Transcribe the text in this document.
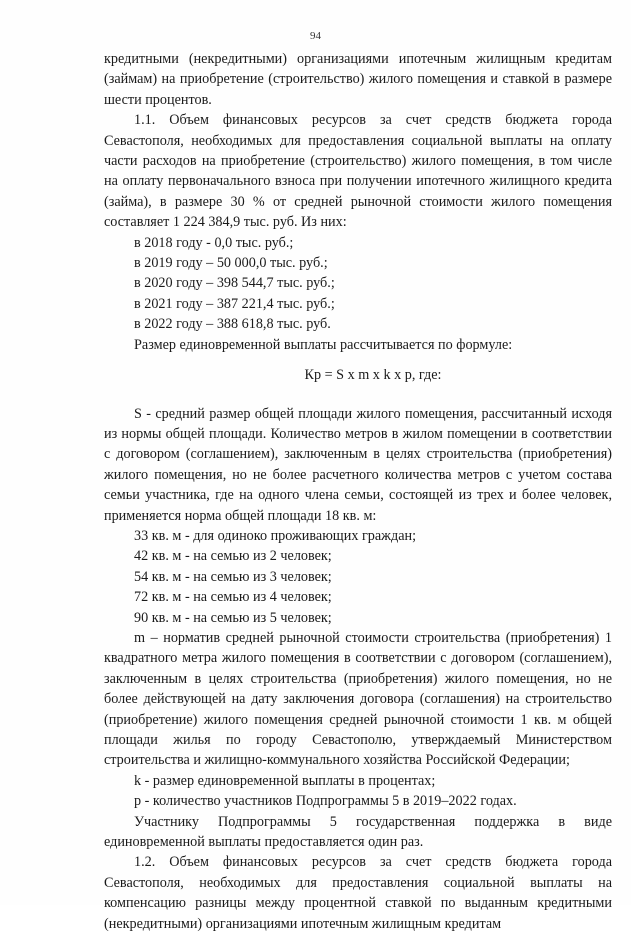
94

кредитными (некредитными) организациями ипотечным жилищным кредитам (займам) на приобретение (строительство) жилого помещения и ставкой в размере шести процентов.

1.1. Объем финансовых ресурсов за счет средств бюджета города Севастополя, необходимых для предоставления социальной выплаты на оплату части расходов на приобретение (строительство) жилого помещения, в том числе на оплату первоначального взноса при получении ипотечного жилищного кредита (займа), в размере 30 % от средней рыночной стоимости жилого помещения составляет 1 224 384,9 тыс. руб. Из них:

в 2018 году - 0,0 тыс. руб.;

в 2019 году – 50 000,0 тыс. руб.;

в 2020 году – 398 544,7 тыс. руб.;

в 2021 году – 387 221,4 тыс. руб.;

в 2022 году – 388 618,8 тыс. руб.

Размер единовременной выплаты рассчитывается по формуле:

Кр = S x m x k x p, где:

S - средний размер общей площади жилого помещения, рассчитанный исходя из нормы общей площади. Количество метров в жилом помещении в соответствии с договором (соглашением), заключенным в целях строительства (приобретения) жилого помещения, но не более расчетного количества метров с учетом состава семьи участника, где на одного члена семьи, состоящей из трех и более человек, применяется норма общей площади 18 кв. м:

33 кв. м - для одиноко проживающих граждан;

42 кв. м - на семью из 2 человек;

54 кв. м - на семью из 3 человек;

72 кв. м - на семью из 4 человек;

90 кв. м - на семью из 5 человек;

m – норматив средней рыночной стоимости строительства (приобретения) 1 квадратного метра жилого помещения в соответствии с договором (соглашением), заключенным в целях строительства (приобретения) жилого помещения, но не более действующей на дату заключения договора (соглашения) на строительство (приобретение) жилого помещения средней рыночной стоимости 1 кв. м общей площади жилья по городу Севастополю, утверждаемый Министерством строительства и жилищно-коммунального хозяйства Российской Федерации;

k - размер единовременной выплаты в процентах;

р - количество участников Подпрограммы 5 в 2019–2022 годах.

Участнику Подпрограммы 5 государственная поддержка в виде единовременной выплаты предоставляется один раз.

1.2. Объем финансовых ресурсов за счет средств бюджета города Севастополя, необходимых для предоставления социальной выплаты на компенсацию разницы между процентной ставкой по выданным кредитными (некредитными) организациями ипотечным жилищным кредитам
